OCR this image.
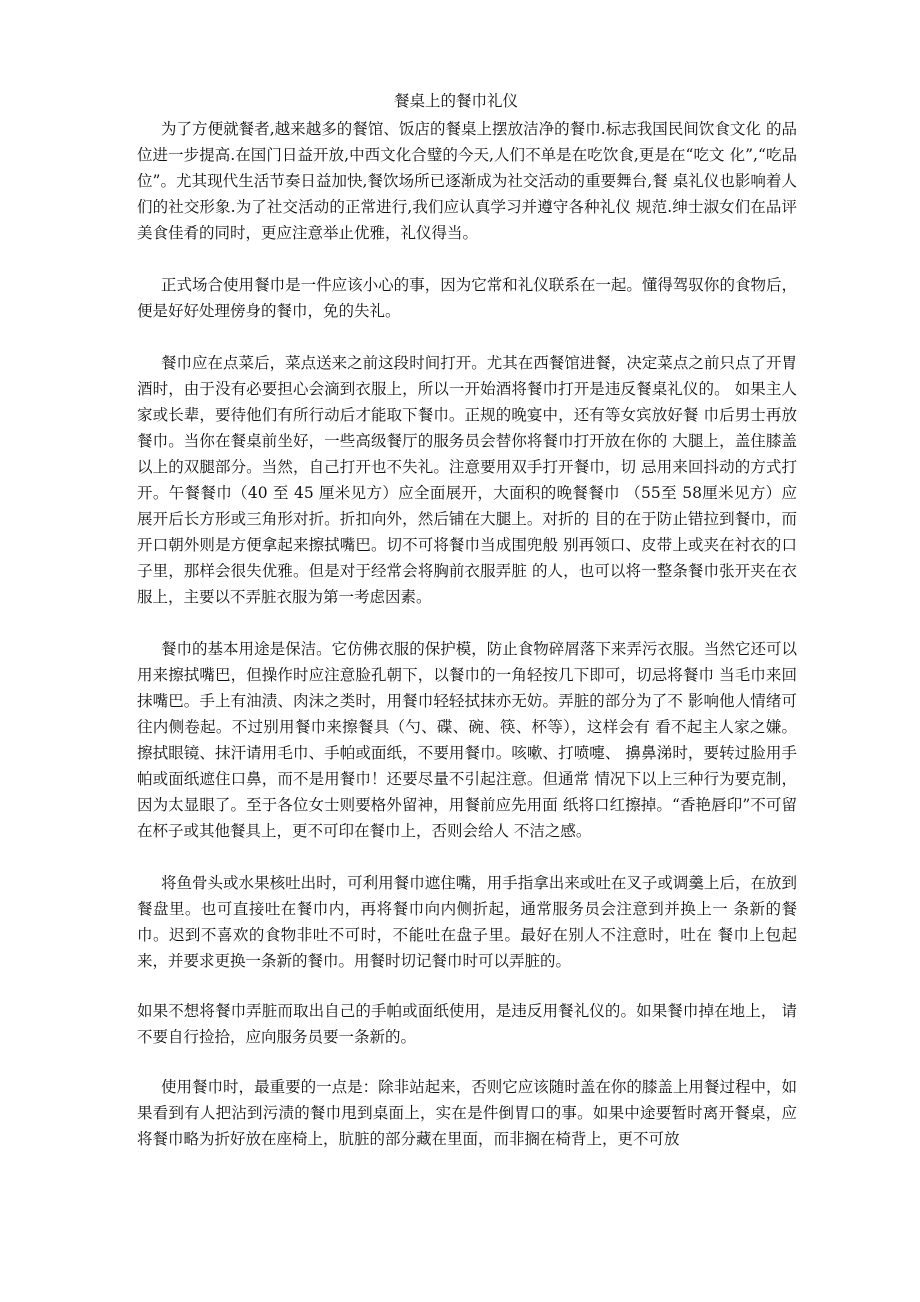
餐桌上的餐巾礼仪

为了方便就餐者,越来越多的餐馆、饭店的餐桌上摆放洁净的餐巾.标志我国民间饮食文化 的品位进一步提高.在国门日益开放,中西文化合璧的今天,人们不单是在吃饮食,更是在“吃文 化”,“吃品位”。尤其现代生活节奏日益加快,餐饮场所已逐渐成为社交活动的重要舞台,餐 桌礼仪也影响着人们的社交形象.为了社交活动的正常进行,我们应认真学习并遵守各种礼仪 规范.绅士淑女们在品评美食佳肴的同时，更应注意举止优雅，礼仪得当。

正式场合使用餐巾是一件应该小心的事，因为它常和礼仪联系在一起。懂得驾驭你的食物后，便是好好处理傍身的餐巾，免的失礼。

餐巾应在点菜后，菜点送来之前这段时间打开。尤其在西餐馆进餐，决定菜点之前只点了开胃酒时，由于没有必要担心会滴到衣服上，所以一开始酒将餐巾打开是违反餐桌礼仪的。 如果主人家或长辈，要待他们有所行动后才能取下餐巾。正规的晚宴中，还有等女宾放好餐 巾后男士再放餐巾。当你在餐桌前坐好，一些高级餐厅的服务员会替你将餐巾打开放在你的 大腿上，盖住膝盖以上的双腿部分。当然，自己打开也不失礼。注意要用双手打开餐巾，切 忌用来回抖动的方式打开。午餐餐巾（40 至 45 厘米见方）应全面展开，大面积的晚餐餐巾 （55至 58厘米见方）应展开后长方形或三角形对折。折扣向外，然后铺在大腿上。对折的 目的在于防止错拉到餐巾，而开口朝外则是方便拿起来擦拭嘴巴。切不可将餐巾当成围兜般 别再领口、皮带上或夹在衬衣的口子里，那样会很失优雅。但是对于经常会将胸前衣服弄脏 的人，也可以将一整条餐巾张开夹在衣服上，主要以不弄脏衣服为第一考虑因素。

餐巾的基本用途是保洁。它仿佛衣服的保护模，防止食物碎屑落下来弄污衣服。当然它还可以用来擦拭嘴巴，但操作时应注意脸孔朝下，以餐巾的一角轻按几下即可，切忌将餐巾 当毛巾来回抹嘴巴。手上有油渍、肉沫之类时，用餐巾轻轻拭抹亦无妨。弄脏的部分为了不 影响他人情绪可往内侧卷起。不过别用餐巾来擦餐具（勺、碟、碗、筷、杯等），这样会有 看不起主人家之嫌。擦拭眼镜、抹汗请用毛巾、手帕或面纸，不要用餐巾。咳嗽、打喷嚏、 擤鼻涕时，要转过脸用手帕或面纸遮住口鼻，而不是用餐巾！还要尽量不引起注意。但通常 情况下以上三种行为要克制，因为太显眼了。至于各位女士则要格外留神，用餐前应先用面 纸将口红擦掉。“香艳唇印”不可留在杯子或其他餐具上，更不可印在餐巾上，否则会给人 不洁之感。

将鱼骨头或水果核吐出时，可利用餐巾遮住嘴，用手指拿出来或吐在叉子或调羹上后，在放到餐盘里。也可直接吐在餐巾内，再将餐巾向内侧折起，通常服务员会注意到并换上一 条新的餐巾。迟到不喜欢的食物非吐不可时，不能吐在盘子里。最好在别人不注意时，吐在 餐巾上包起来，并要求更换一条新的餐巾。用餐时切记餐巾时可以弄脏的。

如果不想将餐巾弄脏而取出自己的手帕或面纸使用，是违反用餐礼仪的。如果餐巾掉在地上， 请不要自行捡拾，应向服务员要一条新的。

使用餐巾时，最重要的一点是：除非站起来，否则它应该随时盖在你的膝盖上用餐过程中，如果看到有人把沾到污渍的餐巾甩到桌面上，实在是件倒胃口的事。如果中途要暂时离开餐桌，应将餐巾略为折好放在座椅上，肮脏的部分藏在里面，而非搁在椅背上，更不可放
